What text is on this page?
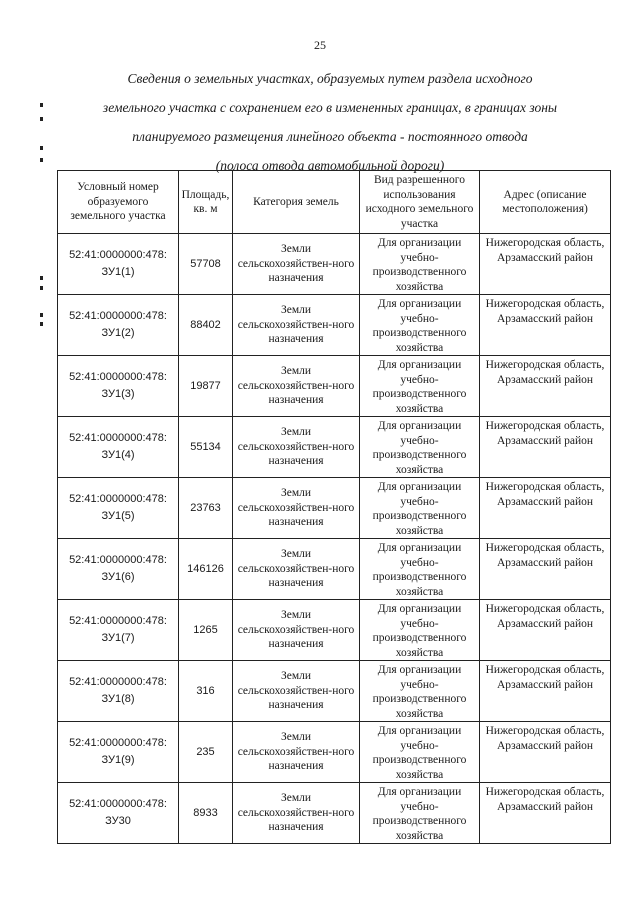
25
Сведения о земельных участках, образуемых путем раздела исходного
земельного участка с сохранением его в измененных границах, в границах зоны
планируемого размещения линейного объекта - постоянного отвода
(полоса отвода автомобильной дороги)
Условный номер образуемого земельного участка	Площадь, кв. м	Категория земель	Вид разрешенного использования исходного земельного участка	Адрес (описание местоположения)
52:41:0000000:478:
ЗУ1(1)	57708	Земли сельскохозяйствен-ного назначения	Для организации учебно-производственного хозяйства	Нижегородская область, Арзамасский район
52:41:0000000:478:
ЗУ1(2)	88402	Земли сельскохозяйствен-ного назначения	Для организации учебно-производственного хозяйства	Нижегородская область, Арзамасский район
52:41:0000000:478:
ЗУ1(3)	19877	Земли сельскохозяйствен-ного назначения	Для организации учебно-производственного хозяйства	Нижегородская область, Арзамасский район
52:41:0000000:478:
ЗУ1(4)	55134	Земли сельскохозяйствен-ного назначения	Для организации учебно-производственного хозяйства	Нижегородская область, Арзамасский район
52:41:0000000:478:
ЗУ1(5)	23763	Земли сельскохозяйствен-ного назначения	Для организации учебно-производственного хозяйства	Нижегородская область, Арзамасский район
52:41:0000000:478:
ЗУ1(6)	146126	Земли сельскохозяйствен-ного назначения	Для организации учебно-производственного хозяйства	Нижегородская область, Арзамасский район
52:41:0000000:478:
ЗУ1(7)	1265	Земли сельскохозяйствен-ного назначения	Для организации учебно-производственного хозяйства	Нижегородская область, Арзамасский район
52:41:0000000:478:
ЗУ1(8)	316	Земли сельскохозяйствен-ного назначения	Для организации учебно-производственного хозяйства	Нижегородская область, Арзамасский район
52:41:0000000:478:
ЗУ1(9)	235	Земли сельскохозяйствен-ного назначения	Для организации учебно-производственного хозяйства	Нижегородская область, Арзамасский район
52:41:0000000:478:
ЗУ30	8933	Земли сельскохозяйствен-ного назначения	Для организации учебно-производственного хозяйства	Нижегородская область, Арзамасский район
